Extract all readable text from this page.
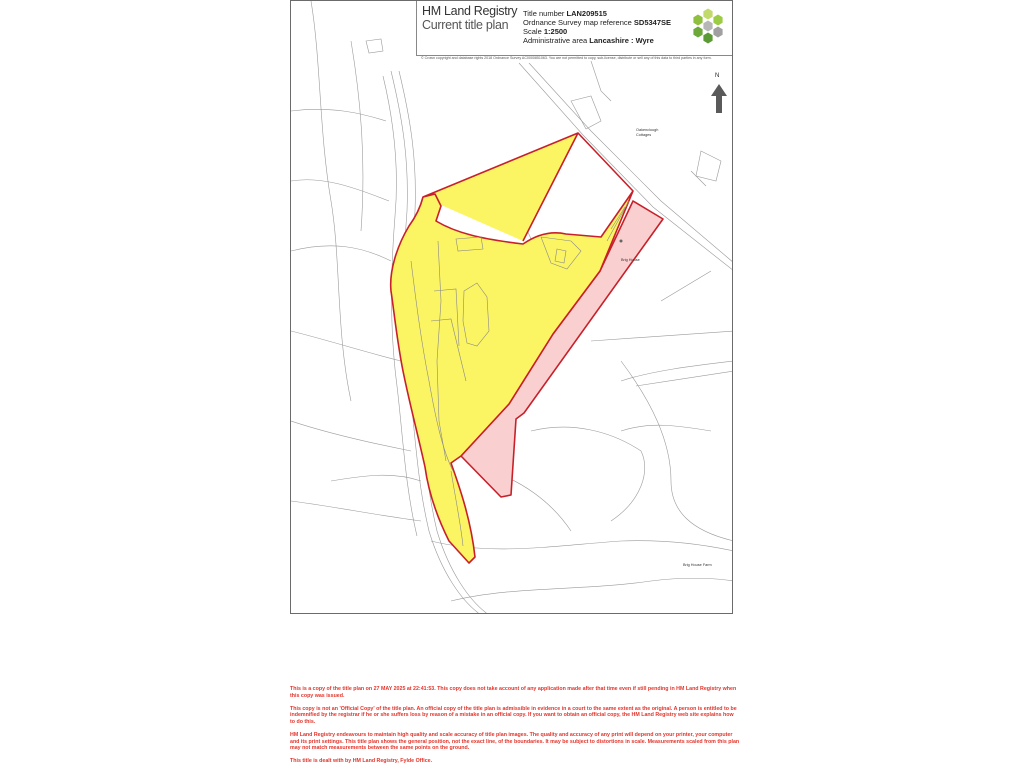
Oakenclough
Cottages
Brig House
Brig House Farm
N
HM Land Registry
Current title plan
Title number LAN209515
Ordnance Survey map reference SD5347SE
Scale 1:2500
Administrative area Lancashire : Wyre
© Crown copyright and database rights 2018 Ordnance Survey AC0000851063. You are not permitted to copy, sub-license, distribute or sell any of this data to third parties in any form.

This is a copy of the title plan on 27 MAY 2025 at 22:41:53. This copy does not take account of any application made after that time even if still pending in HM Land Registry when this copy was issued.

This copy is not an 'Official Copy' of the title plan. An official copy of the title plan is admissible in evidence in a court to the same extent as the original. A person is entitled to be indemnified by the registrar if he or she suffers loss by reason of a mistake in an official copy. If you want to obtain an official copy, the HM Land Registry web site explains how to do this.

HM Land Registry endeavours to maintain high quality and scale accuracy of title plan images. The quality and accuracy of any print will depend on your printer, your computer and its print settings. This title plan shows the general position, not the exact line, of the boundaries. It may be subject to distortions in scale. Measurements scaled from this plan may not match measurements between the same points on the ground.

This title is dealt with by HM Land Registry, Fylde Office.
